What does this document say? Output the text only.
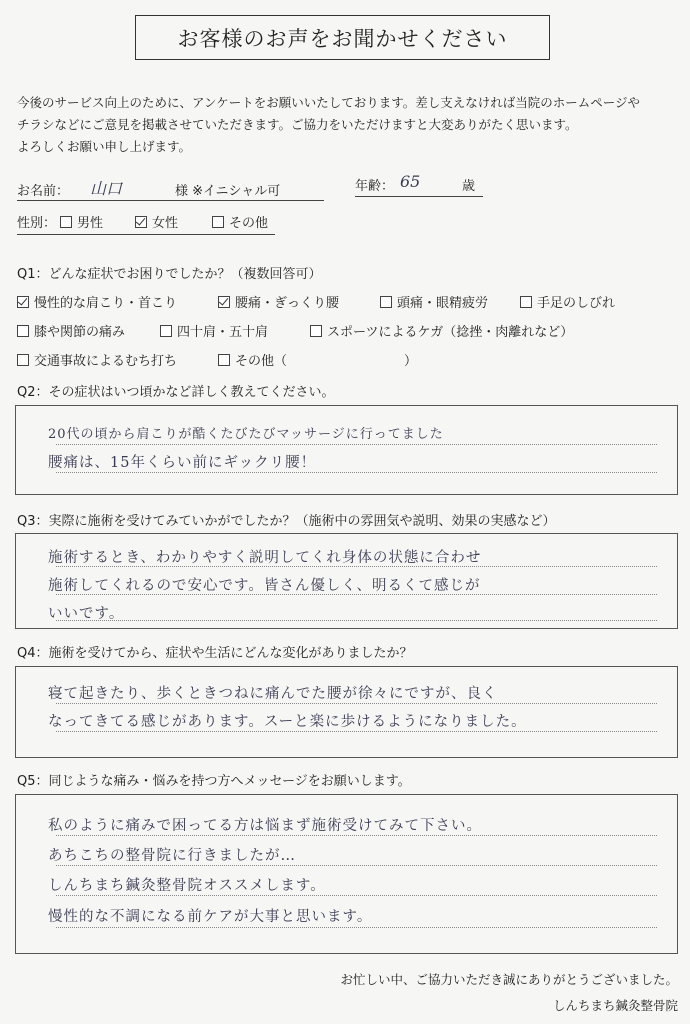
お客様のお声をお聞かせください
今後のサービス向上のために、アンケートをお願いいたしております。差し支えなければ当院のホームページや
チラシなどにご意見を掲載させていただきます。ご協力をいただけますと大変ありがたく思います。
よろしくお願い申し上げます。
お名前： 山口	様 ※イニシャル可	年齢： 65	歳
性別：	男性	女性	その他
Q1：どんな症状でお困りでしたか？（複数回答可）
慢性的な肩こり・首こり	腰痛・ぎっくり腰	頭痛・眼精疲労	手足のしびれ
膝や関節の痛み	四十肩・五十肩	スポーツによるケガ（捻挫・肉離れなど）
交通事故によるむち打ち	その他（　　　　　　　　　）
Q2：その症状はいつ頃かなど詳しく教えてください。
20代の頃から肩こりが酷くたびたびマッサージに行ってました
腰痛は、15年くらい前にギックリ腰！
Q3：実際に施術を受けてみていかがでしたか？（施術中の雰囲気や説明、効果の実感など）
施術するとき、わかりやすく説明してくれ身体の状態に合わせ
施術してくれるので安心です。皆さん優しく、明るくて感じが
いいです。
Q4：施術を受けてから、症状や生活にどんな変化がありましたか？
寝て起きたり、歩くときつねに痛んでた腰が徐々にですが、良く
なってきてる感じがあります。スーと楽に歩けるようになりました。
Q5：同じような痛み・悩みを持つ方へメッセージをお願いします。
私のように痛みで困ってる方は悩まず施術受けてみて下さい。
あちこちの整骨院に行きましたが…
しんちまち鍼灸整骨院オススメします。
慢性的な不調になる前ケアが大事と思います。
お忙しい中、ご協力いただき誠にありがとうございました。
しんちまち鍼灸整骨院
